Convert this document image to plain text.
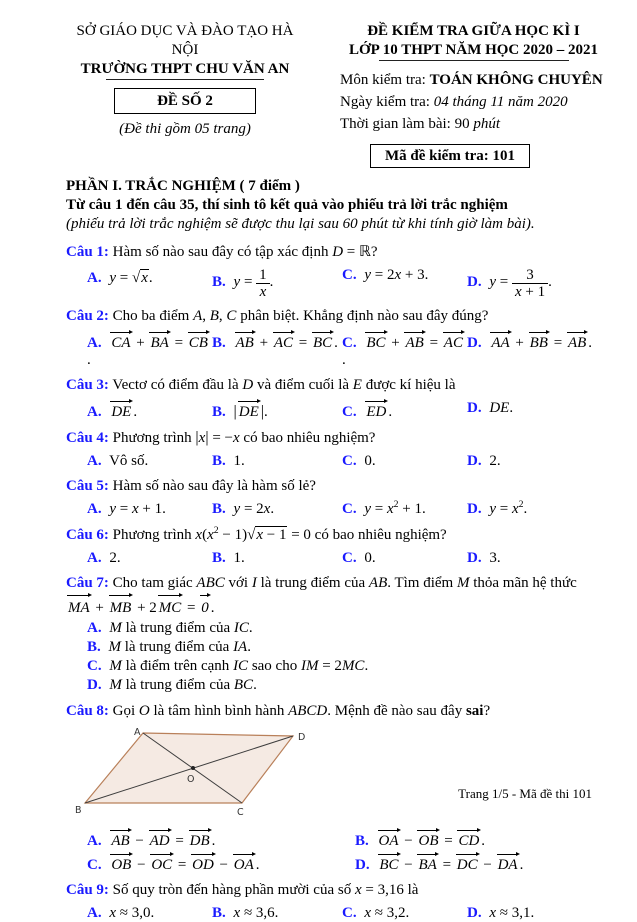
SỞ GIÁO DỤC VÀ ĐÀO TẠO HÀ NỘI
TRƯỜNG THPT CHU VĂN AN
ĐỀ SỐ 2
(Đề thi gồm 05 trang)
ĐỀ KIỂM TRA GIỮA HỌC KÌ I
LỚP 10 THPT NĂM HỌC 2020 – 2021
Môn kiểm tra: TOÁN KHÔNG CHUYÊN
Ngày kiểm tra: 04 tháng 11 năm 2020
Thời gian làm bài: 90 phút
Mã đề kiểm tra: 101
PHẦN I. TRẮC NGHIỆM ( 7 điểm )
Từ câu 1 đến câu 35, thí sinh tô kết quả vào phiếu trả lời trắc nghiệm
(phiếu trả lời trắc nghiệm sẽ được thu lại sau 60 phút từ khi tính giờ làm bài).
Câu 1: Hàm số nào sau đây có tập xác định D = ℝ?
A. y = √x.	B. $y = \frac{1}{x}$ .	C. y = 2x + 3.	D. $y = \frac{3}{x + 1}$ .
Câu 2: Cho ba điểm A, B, C phân biệt. Khẳng định nào sau đây đúng?
A. CA + BA = CB.
B. AB + AC = BC . C. BC + AB = AC.
D. AA + BB = AB .
Câu 3: Vectơ có điểm đầu là D và điểm cuối là E được kí hiệu là
A. DE .	B. | DE |.	C. ED .	D. DE.
Câu 4: Phương trình |x| = −x có bao nhiêu nghiệm?
A. Vô số.	B. 1.	C. 0.	D. 2.
Câu 5: Hàm số nào sau đây là hàm số lẻ?
A. y = x + 1.	B. y = 2x.	C. $y = x^2 + 1$.	D. $y = x^2$.
Câu 6: Phương trình $x(x^2 - 1)√x - 1 = 0$ có bao nhiêu nghiệm?
A. 2.	B. 1.	C. 0.	D. 3.
Câu 7: Cho tam giác ABC với I là trung điểm của AB. Tìm điểm M thỏa mãn hệ thức
MA + MB + 2 MC = 0 .
A. M là trung điểm của IC.
B. M là trung điểm của IA.
C. M là điểm trên cạnh IC sao cho IM = 2MC.
D. M là trung điểm của BC.
Câu 8: Gọi O là tâm hình bình hành ABCD. Mệnh đề nào sau đây sai?
A	D
B	C
O
A. AB − AD = DB .	B. OA − OB = CD .
C. OB − OC = OD − OA .	D. BC − BA = DC − DA .
Câu 9: Số quy tròn đến hàng phần mười của số x = 3,16 là
A. x ≈ 3,0.	B. x ≈ 3,6.	C. x ≈ 3,2.	D. x ≈ 3,1.
Trang 1/5 - Mã đề thi 101
